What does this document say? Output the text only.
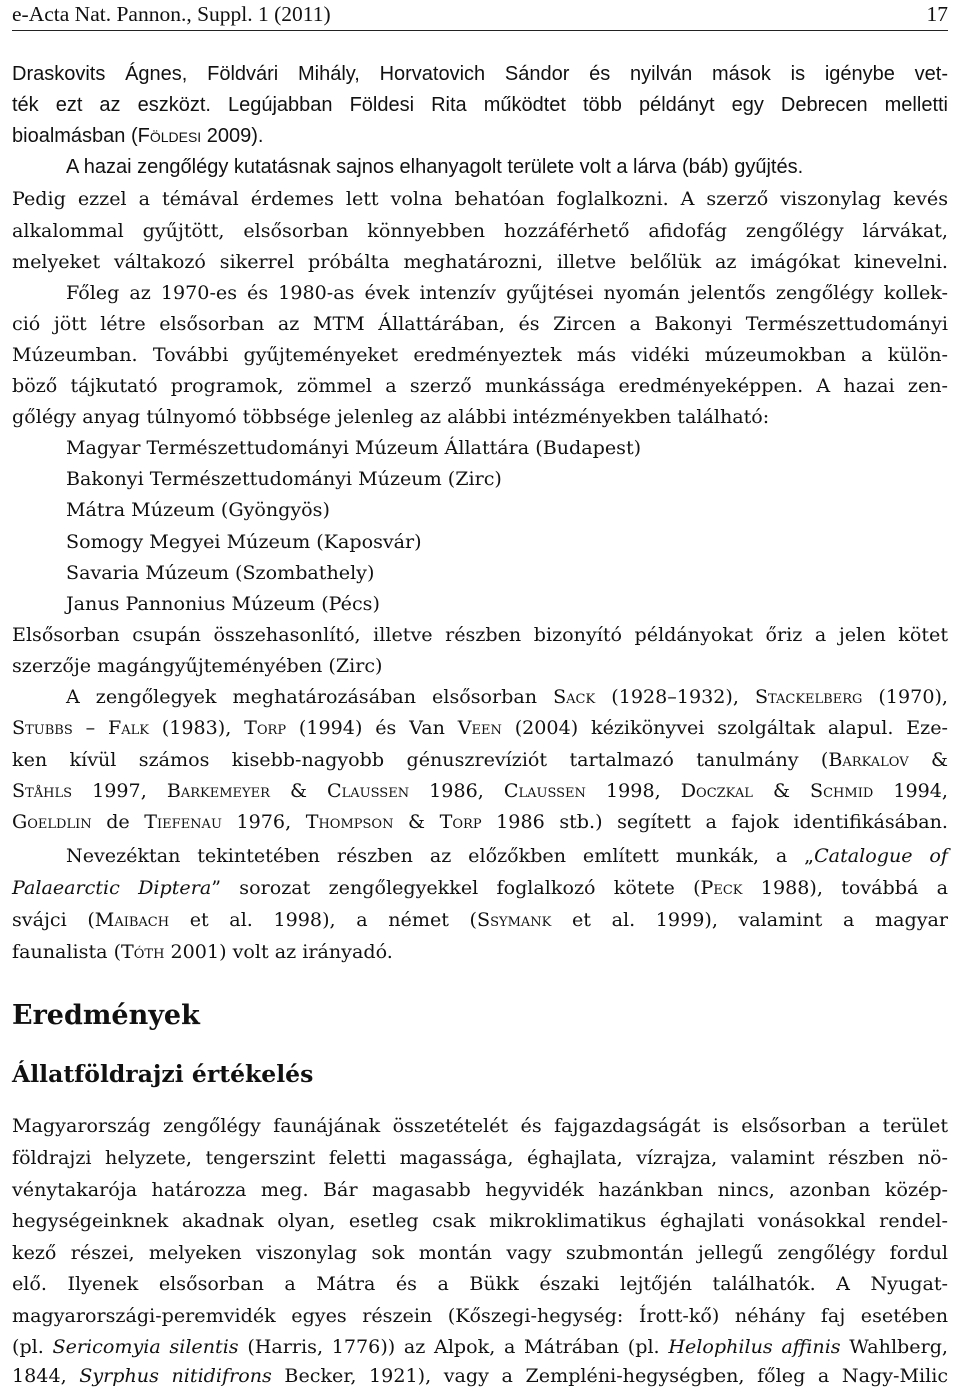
e-Acta Nat. Pannon., Suppl. 1 (2011)	17
Draskovits Ágnes, Földvári Mihály, Horvatovich Sándor és nyilván mások is igénybe vet-
ték ezt az eszközt. Legújabban Földesi Rita működtet több példányt egy Debrecen melletti
bioalmásban (Földesi 2009).
A hazai zengőlégy kutatásnak sajnos elhanyagolt területe volt a lárva (báb) gyűjtés.
Pedig ezzel a témával érdemes lett volna behatóan foglalkozni. A szerző viszonylag kevés
alkalommal gyűjtött, elsősorban könnyebben hozzáférhető afidofág zengőlégy lárvákat,
melyeket váltakozó sikerrel próbálta meghatározni, illetve belőlük az imágókat kinevelni.
Főleg az 1970-es és 1980-as évek intenzív gyűjtései nyomán jelentős zengőlégy kollek-
ció jött létre elsősorban az MTM Állattárában, és Zircen a Bakonyi Természettudományi
Múzeumban. További gyűjteményeket eredményeztek más vidéki múzeumokban a külön-
böző tájkutató programok, zömmel a szerző munkássága eredményeképpen. A hazai zen-
gőlégy anyag túlnyomó többsége jelenleg az alábbi intézményekben található:
Magyar Természettudományi Múzeum Állattára (Budapest)
Bakonyi Természettudományi Múzeum (Zirc)
Mátra Múzeum (Gyöngyös)
Somogy Megyei Múzeum (Kaposvár)
Savaria Múzeum (Szombathely)
Janus Pannonius Múzeum (Pécs)
Elsősorban csupán összehasonlító, illetve részben bizonyító példányokat őriz a jelen kötet
szerzője magángyűjteményében (Zirc)
A zengőlegyek meghatározásában elsősorban Sack (1928–1932), Stackelberg (1970),
Stubbs – Falk (1983), Torp (1994) és Van Veen (2004) kézikönyvei szolgáltak alapul. Eze-
ken kívül számos kisebb-nagyobb génuszrevíziót tartalmazó tanulmány (Barkalov &
Ståhls 1997, Barkemeyer & Claussen 1986, Claussen 1998, Doczkal & Schmid 1994,
Goeldlin de Tiefenau 1976, Thompson & Torp 1986 stb.) segített a fajok identifikásában.
Nevezéktan tekintetében részben az előzőkben említett munkák, a „Catalogue of
Palaearctic Diptera” sorozat zengőlegyekkel foglalkozó kötete (Peck 1988), továbbá a
svájci (Maibach et al. 1998), a német (Ssymank et al. 1999), valamint a magyar
faunalista (Tóth 2001) volt az irányadó.
Eredmények
Állatföldrajzi értékelés
Magyarország zengőlégy faunájának összetételét és fajgazdagságát is elsősorban a terület
földrajzi helyzete, tengerszint feletti magassága, éghajlata, vízrajza, valamint részben nö-
vénytakarója határozza meg. Bár magasabb hegyvidék hazánkban nincs, azonban közép-
hegységeinknek akadnak olyan, esetleg csak mikroklimatikus éghajlati vonásokkal rendel-
kező részei, melyeken viszonylag sok montán vagy szubmontán jellegű zengőlégy fordul
elő. Ilyenek elsősorban a Mátra és a Bükk északi lejtőjén találhatók. A Nyugat-
magyarországi-peremvidék egyes részein (Kőszegi-hegység: Írott-kő) néhány faj esetében
(pl. Sericomyia silentis (Harris, 1776)) az Alpok, a Mátrában (pl. Helophilus affinis Wahlberg,
1844, Syrphus nitidifrons Becker, 1921), vagy a Zempléni-hegységben, főleg a Nagy-Milic
